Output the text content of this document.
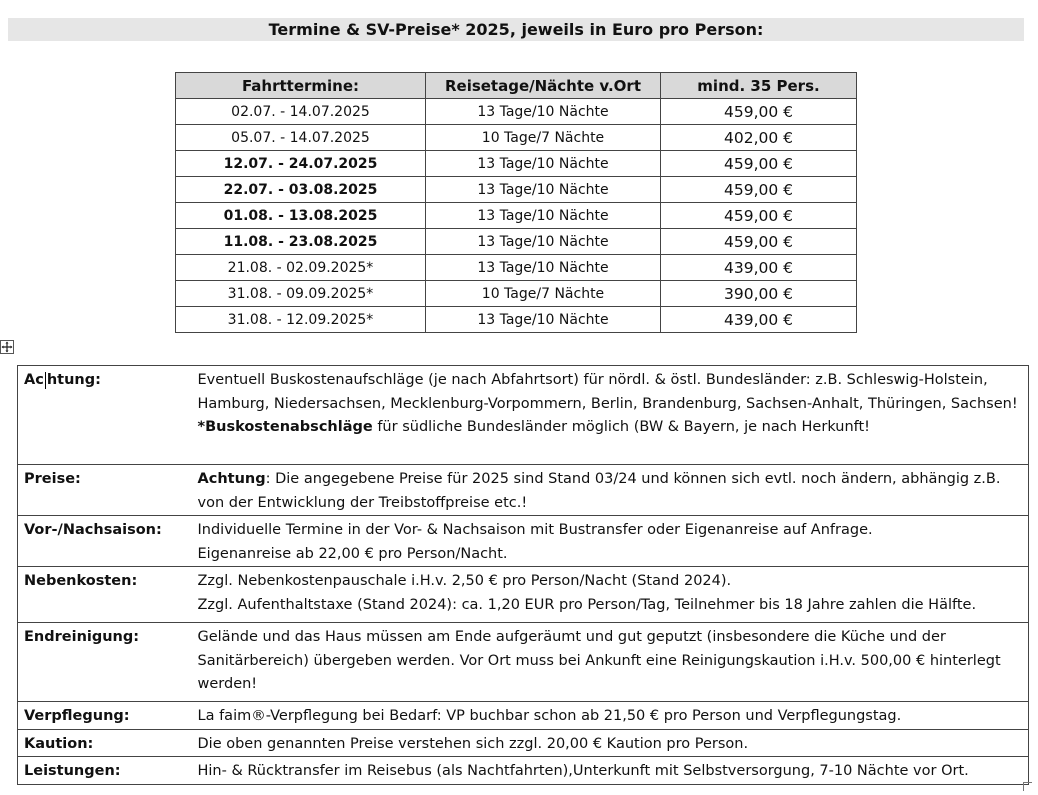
Termine & SV-Preise* 2025, jeweils in Euro pro Person:
Fahrttermine:	Reisetage/Nächte v.Ort	mind. 35 Pers.
02.07. - 14.07.2025	13 Tage/10 Nächte	459,00 €
05.07. - 14.07.2025	10 Tage/7 Nächte	402,00 €
12.07. - 24.07.2025	13 Tage/10 Nächte	459,00 €
22.07. - 03.08.2025	13 Tage/10 Nächte	459,00 €
01.08. - 13.08.2025	13 Tage/10 Nächte	459,00 €
11.08. - 23.08.2025	13 Tage/10 Nächte	459,00 €
21.08. - 02.09.2025*	13 Tage/10 Nächte	439,00 €
31.08. - 09.09.2025*	10 Tage/7 Nächte	390,00 €
31.08. - 12.09.2025*	13 Tage/10 Nächte	439,00 €
Ac htung:	Eventuell Buskostenaufschläge (je nach Abfahrtsort) für nördl. & östl. Bundesländer: z.B. Schleswig-Holstein, Hamburg, Niedersachsen, Mecklenburg-Vorpommern, Berlin, Brandenburg, Sachsen-Anhalt, Thüringen, Sachsen!
*Buskostenabschläge für südliche Bundesländer möglich (BW & Bayern, je nach Herkunft!
Preise:	Achtung: Die angegebene Preise für 2025 sind Stand 03/24 und können sich evtl. noch ändern, abhängig z.B. von der Entwicklung der Treibstoffpreise etc.!
Vor-/Nachsaison:	Individuelle Termine in der Vor- & Nachsaison mit Bustransfer oder Eigenanreise auf Anfrage.
Eigenanreise ab 22,00 € pro Person/Nacht.
Nebenkosten:	Zzgl. Nebenkostenpauschale i.H.v. 2,50 € pro Person/Nacht (Stand 2024).
Zzgl. Aufenthaltstaxe (Stand 2024): ca. 1,20 EUR pro Person/Tag, Teilnehmer bis 18 Jahre zahlen die Hälfte.
Endreinigung:	Gelände und das Haus müssen am Ende aufgeräumt und gut geputzt (insbesondere die Küche und der Sanitärbereich) übergeben werden. Vor Ort muss bei Ankunft eine Reinigungskaution i.H.v. 500,00 € hinterlegt werden!
Verpflegung:	La faim®-Verpflegung bei Bedarf: VP buchbar schon ab 21,50 € pro Person und Verpflegungstag.
Kaution:	Die oben genannten Preise verstehen sich zzgl. 20,00 € Kaution pro Person.
Leistungen:	Hin- & Rücktransfer im Reisebus (als Nachtfahrten),Unterkunft mit Selbstversorgung, 7-10 Nächte vor Ort.
